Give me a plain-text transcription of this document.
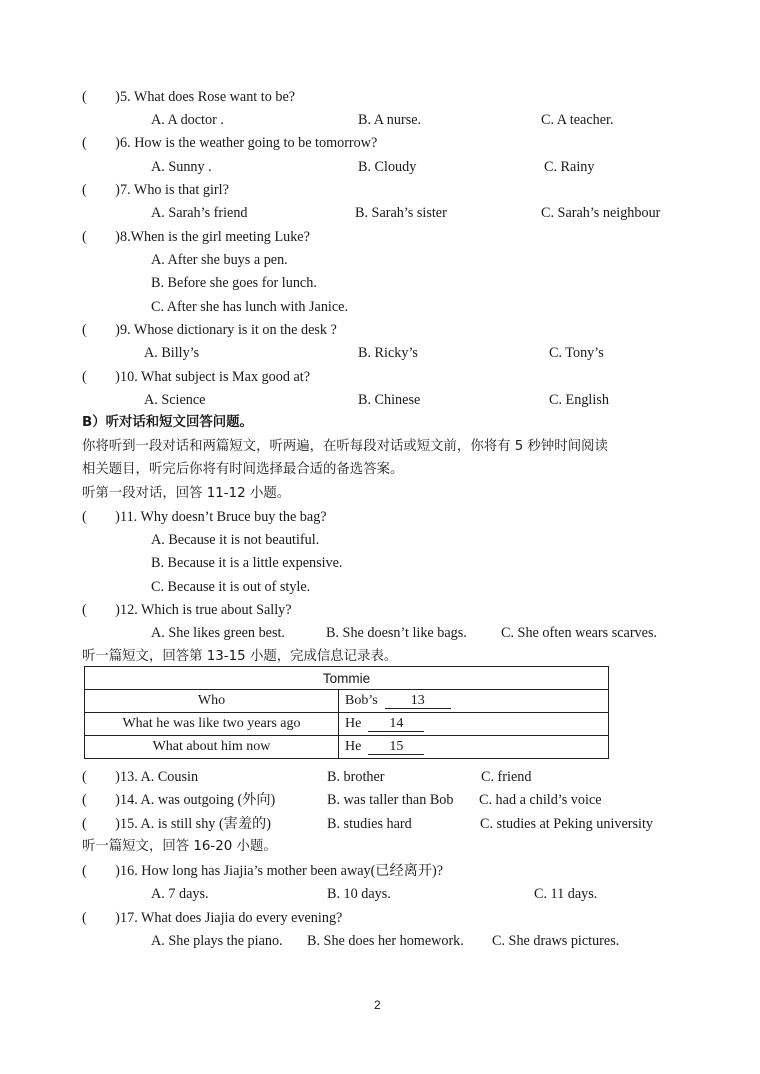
(        ) 5. What does Rose want to be?
A. A doctor .	B. A nurse.	C. A teacher.
(        ) 6. How is the weather going to be tomorrow?
A. Sunny .	B. Cloudy	C. Rainy
(        ) 7. Who is that girl?
A. Sarah’s friend	B. Sarah’s sister	C. Sarah’s neighbour
(        ) 8.When is the girl meeting Luke?
A. After she buys a pen.
B. Before she goes for lunch.
C. After she has lunch with Janice.
(        ) 9. Whose dictionary is it on the desk ?
A. Billy’s	B. Ricky’s	C. Tony’s
(        ) 10. What subject is Max good at?
A. Science	B. Chinese	C. English
B）听对话和短文回答问题。
你将听到一段对话和两篇短文，听两遍，在听每段对话或短文前，你将有 5 秒钟时间阅读
相关题目，听完后你将有时间选择最合适的备选答案。
听第一段对话，回答 11-12 小题。
(        ) 11. Why doesn’t Bruce buy the bag?
A. Because it is not beautiful.
B. Because it is a little expensive.
C. Because it is out of style.
(        ) 12. Which is true about Sally?
A. She likes green best.	B. She doesn’t like bags. C. She often wears scarves.
听一篇短文，回答第 13-15 小题，完成信息记录表。
Tommie	
Who	Bob’s 13
What he was like two years ago	He 14
What about him now	He 15
(        ) 13. A. Cousin	B. brother	C. friend
(        ) 14. A. was outgoing (外向)	B. was taller than Bob C. had a child’s voice
(        ) 15. A. is still shy (害羞的)	B. studies hard	C. studies at Peking university
听一篇短文，回答 16-20 小题。
(        ) 16. How long has Jiajia’s mother been away(已经离开)?
A. 7 days.	B. 10 days.	C. 11 days.
(        ) 17. What does Jiajia do every evening?
A. She plays the piano. B. She does her homework. C. She draws pictures.
2
